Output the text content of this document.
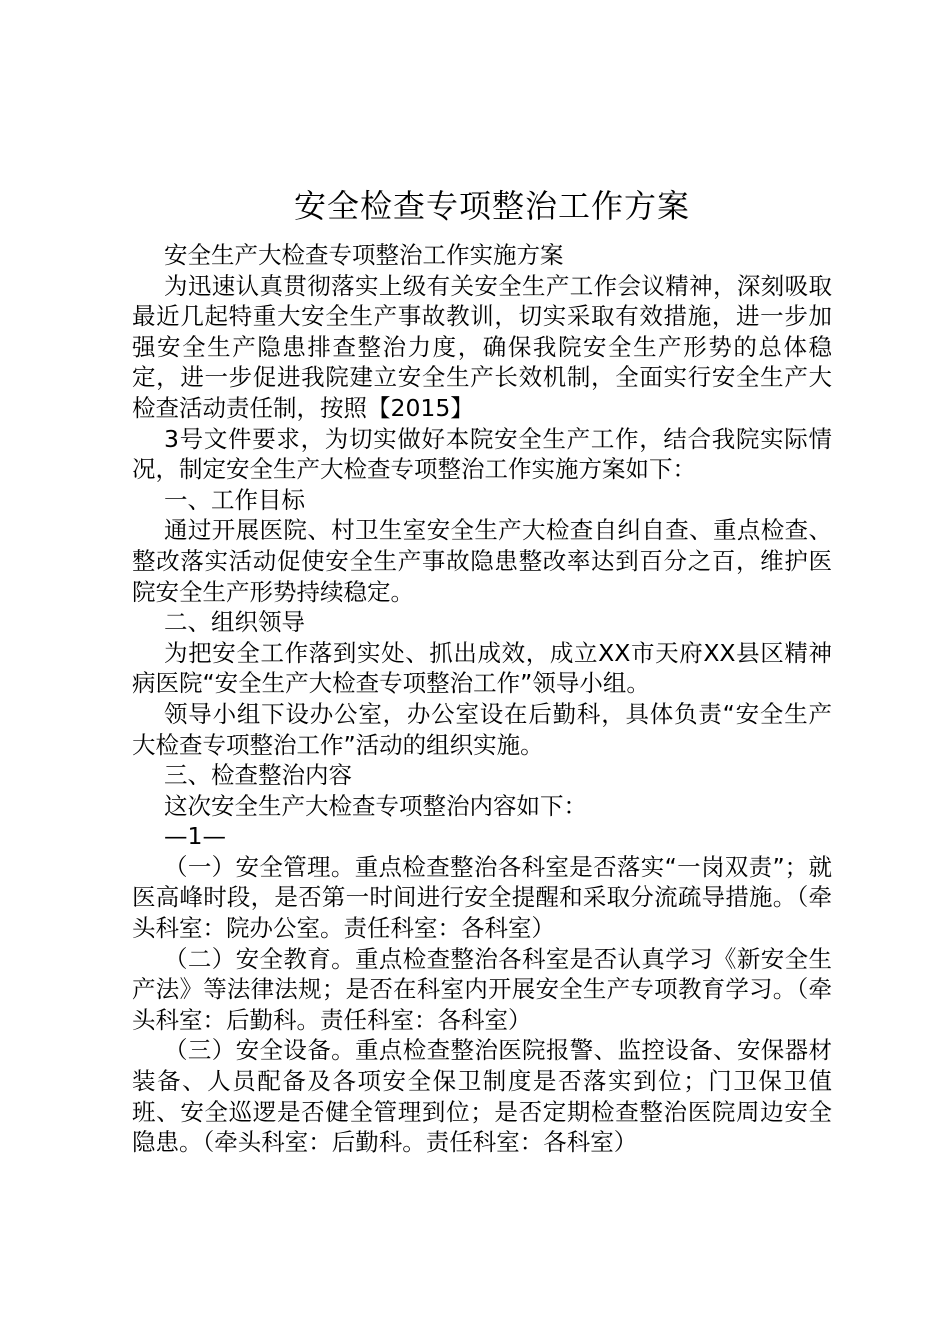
安全检查专项整治工作方案

安全生产大检查专项整治工作实施方案

为迅速认真贯彻落实上级有关安全生产工作会议精神，深刻吸取最近几起特重大安全生产事故教训，切实采取有效措施，进一步加强安全生产隐患排查整治力度，确保我院安全生产形势的总体稳定，进一步促进我院建立安全生产长效机制，全面实行安全生产大检查活动责任制，按照【2015】

3号文件要求，为切实做好本院安全生产工作，结合我院实际情况，制定安全生产大检查专项整治工作实施方案如下：

一、工作目标

通过开展医院、村卫生室安全生产大检查自纠自查、重点检查、整改落实活动促使安全生产事故隐患整改率达到百分之百，维护医院安全生产形势持续稳定。

二、组织领导

为把安全工作落到实处、抓出成效，成立XX市天府XX县区精神病医院“安全生产大检查专项整治工作”领导小组。

领导小组下设办公室，办公室设在后勤科，具体负责“安全生产大检查专项整治工作”活动的组织实施。

三、检查整治内容

这次安全生产大检查专项整治内容如下：

—1—

（一）安全管理。重点检查整治各科室是否落实“一岗双责”；就医高峰时段，是否第一时间进行安全提醒和采取分流疏导措施。（牵头科室：院办公室。责任科室：各科室）

（二）安全教育。重点检查整治各科室是否认真学习《新安全生产法》等法律法规；是否在科室内开展安全生产专项教育学习。（牵头科室：后勤科。责任科室：各科室）

（三）安全设备。重点检查整治医院报警、监控设备、安保器材装备、人员配备及各项安全保卫制度是否落实到位；门卫保卫值班、安全巡逻是否健全管理到位；是否定期检查整治医院周边安全隐患。（牵头科室：后勤科。责任科室：各科室）
